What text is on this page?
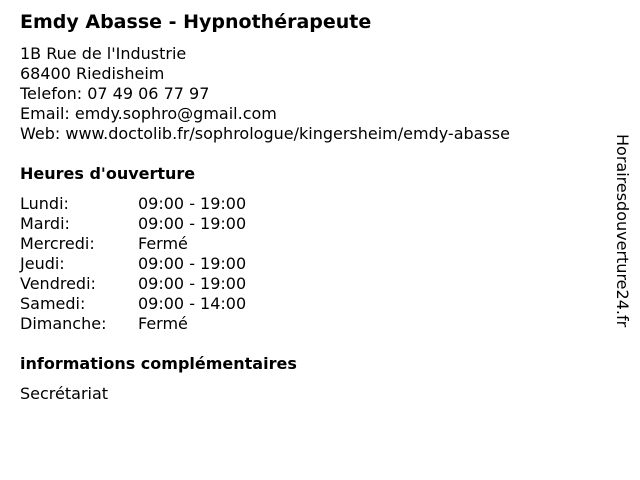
Emdy Abasse - Hypnothérapeute
1B Rue de l'Industrie
68400 Riedisheim
Telefon: 07 49 06 77 97
Email: emdy.sophro@gmail.com
Web: www.doctolib.fr/sophrologue/kingersheim/emdy-abasse
Heures d'ouverture
Lundi:	09:00 - 19:00
Mardi:	09:00 - 19:00
Mercredi:	Fermé
Jeudi:	09:00 - 19:00
Vendredi:	09:00 - 19:00
Samedi:	09:00 - 14:00
Dimanche:	Fermé
informations complémentaires
Secrétariat
Horairesdouverture24.fr
